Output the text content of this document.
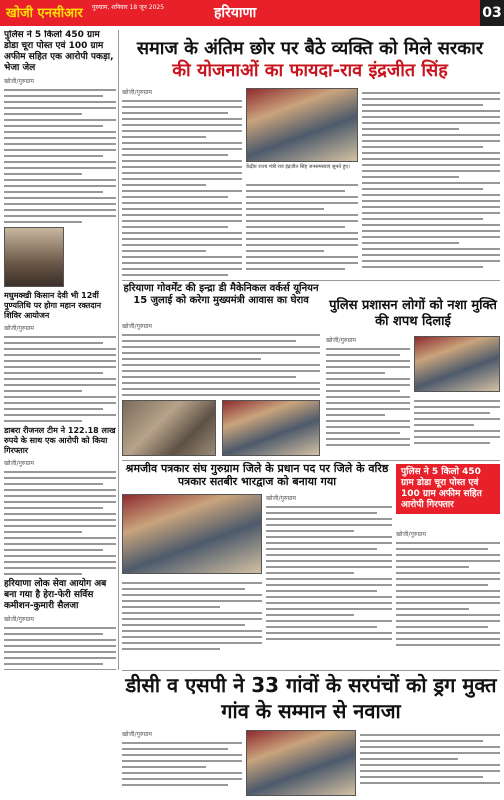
खोजी एनसीआर गुरुग्राम, शनिवार 18 जून 2025	हरियाणा	03
पुलिस ने 5 किलो 450 ग्राम डोडा चूरा पोस्त एवं 100 ग्राम अफीम सहित एक आरोपी पकड़ा, भेजा जेल
खोजी/गुरुग्राम
मधुमक्खी किसान देवी भी 12वीं पुण्यतिथि पर होगा महान रक्तदान शिविर आयोजन
खोजी/गुरुग्राम
डाबरा रीजनल टीम ने 122.18 लाख रुपये के साथ एक आरोपी को किया गिरफ्तार
खोजी/गुरुग्राम
हरियाणा लोक सेवा आयोग अब बना गया है हेरा-फेरी सर्विस कमीशन-कुमारी सैलजा
खोजी/गुरुग्राम
समाज के अंतिम छोर पर बैठे व्यक्ति को मिले सरकार
की योजनाओं का फायदा-राव इंद्रजीत सिंह
खोजी/गुरुग्राम
केंद्रीय राज्य मंत्री राव इंद्रजीत सिंह जनसमस्याएं सुनते हुए।
हरियाणा गोवर्मेंट की इन्द्रा डी मैकेनिकल वर्कर्स यूनियन 15 जुलाई को करेगा मुख्यमंत्री आवास का घेराव
खोजी/गुरुग्राम
पुलिस प्रशासन लोगों को नशा मुक्ति की शपथ दिलाई
खोजी/गुरुग्राम
श्रमजीव पत्रकार संघ गुरुग्राम जिले के प्रधान पद पर जिले के वरिष्ठ पत्रकार सतबीर भारद्वाज को बनाया गया
खोजी/गुरुग्राम
पुलिस ने 5 किलो 450 ग्राम डोडा चूरा पोस्त एवं 100 ग्राम अफीम सहित आरोपी गिरफ्तार
खोजी/गुरुग्राम
डीसी व एसपी ने 33 गांवों के सरपंचों को ड्रग मुक्त गांव के सम्मान से नवाजा
खोजी/गुरुग्राम
